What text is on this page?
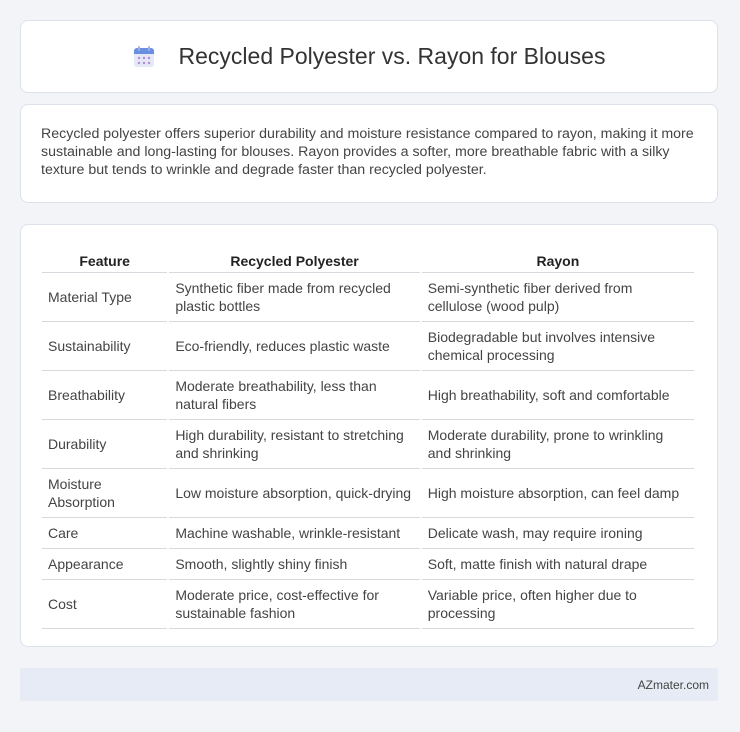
Recycled Polyester vs. Rayon for Blouses

Recycled polyester offers superior durability and moisture resistance compared to rayon, making it more sustainable and long-lasting for blouses. Rayon provides a softer, more breathable fabric with a silky texture but tends to wrinkle and degrade faster than recycled polyester.

Feature	Recycled Polyester	Rayon
Material Type	Synthetic fiber made from recycled plastic bottles	Semi-synthetic fiber derived from cellulose (wood pulp)
Sustainability	Eco-friendly, reduces plastic waste	Biodegradable but involves intensive chemical processing
Breathability	Moderate breathability, less than natural fibers	High breathability, soft and comfortable
Durability	High durability, resistant to stretching and shrinking	Moderate durability, prone to wrinkling and shrinking
Moisture Absorption	Low moisture absorption, quick-drying	High moisture absorption, can feel damp
Care	Machine washable, wrinkle-resistant	Delicate wash, may require ironing
Appearance	Smooth, slightly shiny finish	Soft, matte finish with natural drape
Cost	Moderate price, cost-effective for sustainable fashion	Variable price, often higher due to processing
AZmater.com
